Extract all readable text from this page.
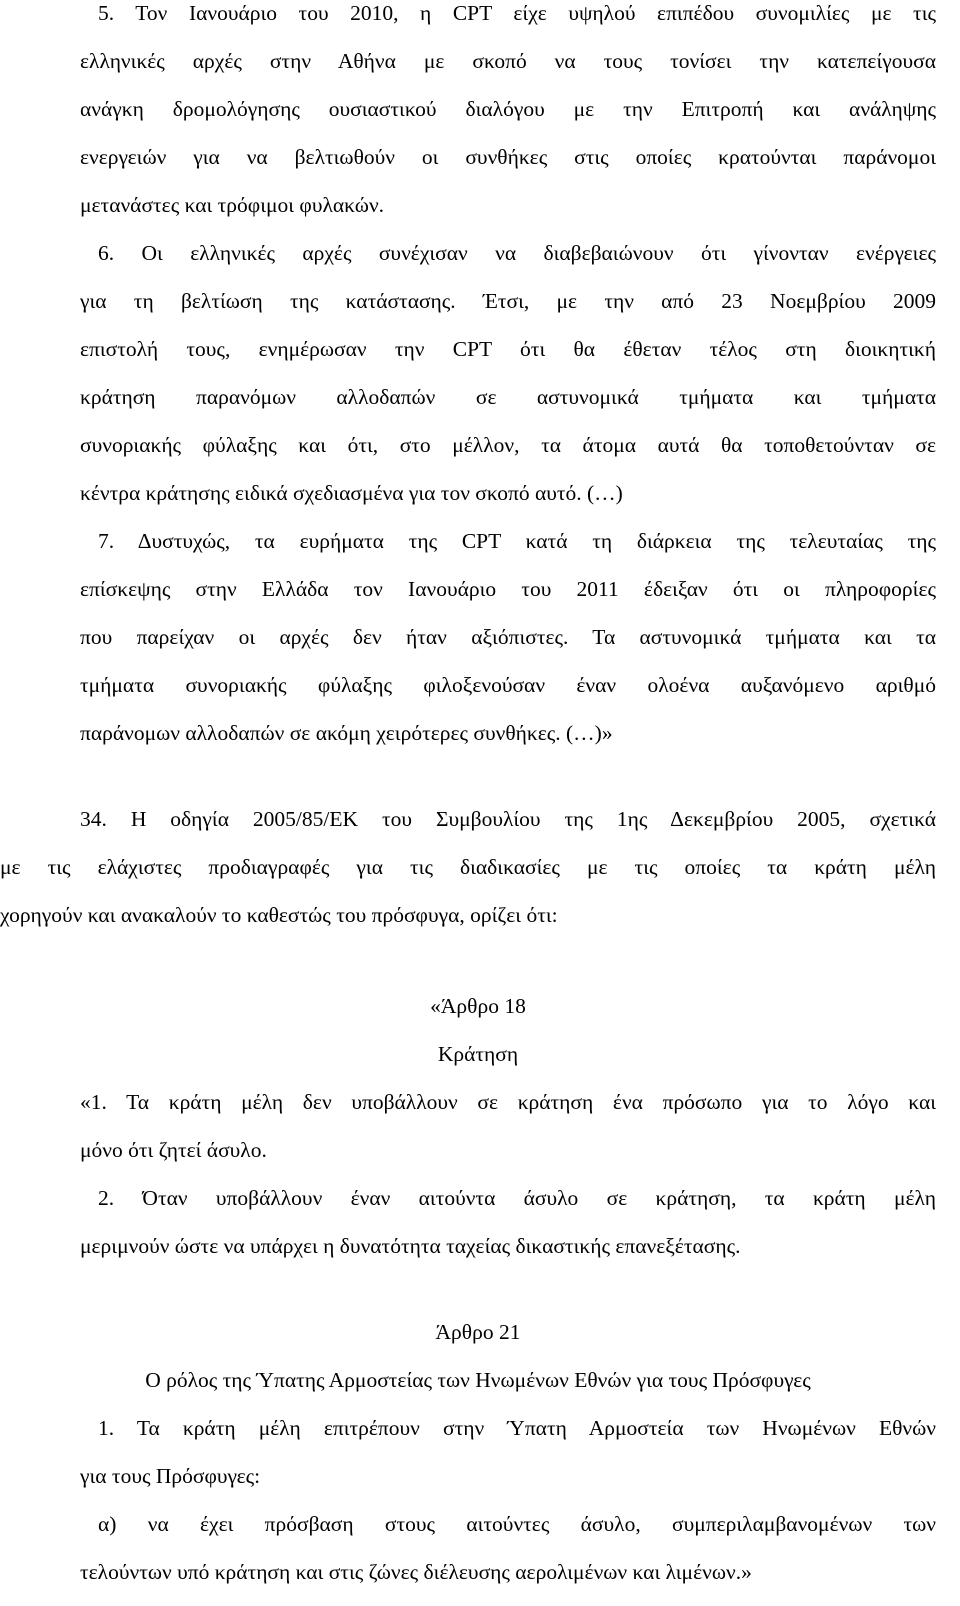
5. Τον Ιανουάριο του 2010, η CPT είχε υψηλού επιπέδου συνομιλίες με τις
ελληνικές αρχές στην Αθήνα με σκοπό να τους τονίσει την κατεπείγουσα
ανάγκη δρομολόγησης ουσιαστικού διαλόγου με την Επιτροπή και ανάληψης
ενεργειών για να βελτιωθούν οι συνθήκες στις οποίες κρατούνται παράνομοι
μετανάστες και τρόφιμοι φυλακών.
6. Οι ελληνικές αρχές συνέχισαν να διαβεβαιώνουν ότι γίνονταν ενέργειες
για τη βελτίωση της κατάστασης. Έτσι, με την από 23 Νοεμβρίου 2009
επιστολή τους, ενημέρωσαν την CPT ότι θα έθεταν τέλος στη διοικητική
κράτηση παρανόμων αλλοδαπών σε αστυνομικά τμήματα και τμήματα
συνοριακής φύλαξης και ότι, στο μέλλον, τα άτομα αυτά θα τοποθετούνταν σε
κέντρα κράτησης ειδικά σχεδιασμένα για τον σκοπό αυτό. (…)
7. Δυστυχώς, τα ευρήματα της CPT κατά τη διάρκεια της τελευταίας της
επίσκεψης στην Ελλάδα τον Ιανουάριο του 2011 έδειξαν ότι οι πληροφορίες
που παρείχαν οι αρχές δεν ήταν αξιόπιστες. Τα αστυνομικά τμήματα και τα
τμήματα συνοριακής φύλαξης φιλοξενούσαν έναν ολοένα αυξανόμενο αριθμό
παράνομων αλλοδαπών σε ακόμη χειρότερες συνθήκες. (…)»
34. Η οδηγία 2005/85/ΕΚ του Συμβουλίου της 1ης Δεκεμβρίου 2005, σχετικά
με τις ελάχιστες προδιαγραφές για τις διαδικασίες με τις οποίες τα κράτη μέλη
χορηγούν και ανακαλούν το καθεστώς του πρόσφυγα, ορίζει ότι:
«Άρθρο 18
Κράτηση
«1. Τα κράτη μέλη δεν υποβάλλουν σε κράτηση ένα πρόσωπο για το λόγο και
μόνο ότι ζητεί άσυλο.
2. Όταν υποβάλλουν έναν αιτούντα άσυλο σε κράτηση, τα κράτη μέλη
μεριμνούν ώστε να υπάρχει η δυνατότητα ταχείας δικαστικής επανεξέτασης.
Άρθρο 21
Ο ρόλος της Ύπατης Αρμοστείας των Ηνωμένων Εθνών για τους Πρόσφυγες
1. Τα κράτη μέλη επιτρέπουν στην Ύπατη Αρμοστεία των Ηνωμένων Εθνών
για τους Πρόσφυγες:
α) να έχει πρόσβαση στους αιτούντες άσυλο, συμπεριλαμβανομένων των
τελούντων υπό κράτηση και στις ζώνες διέλευσης αερολιμένων και λιμένων.»
